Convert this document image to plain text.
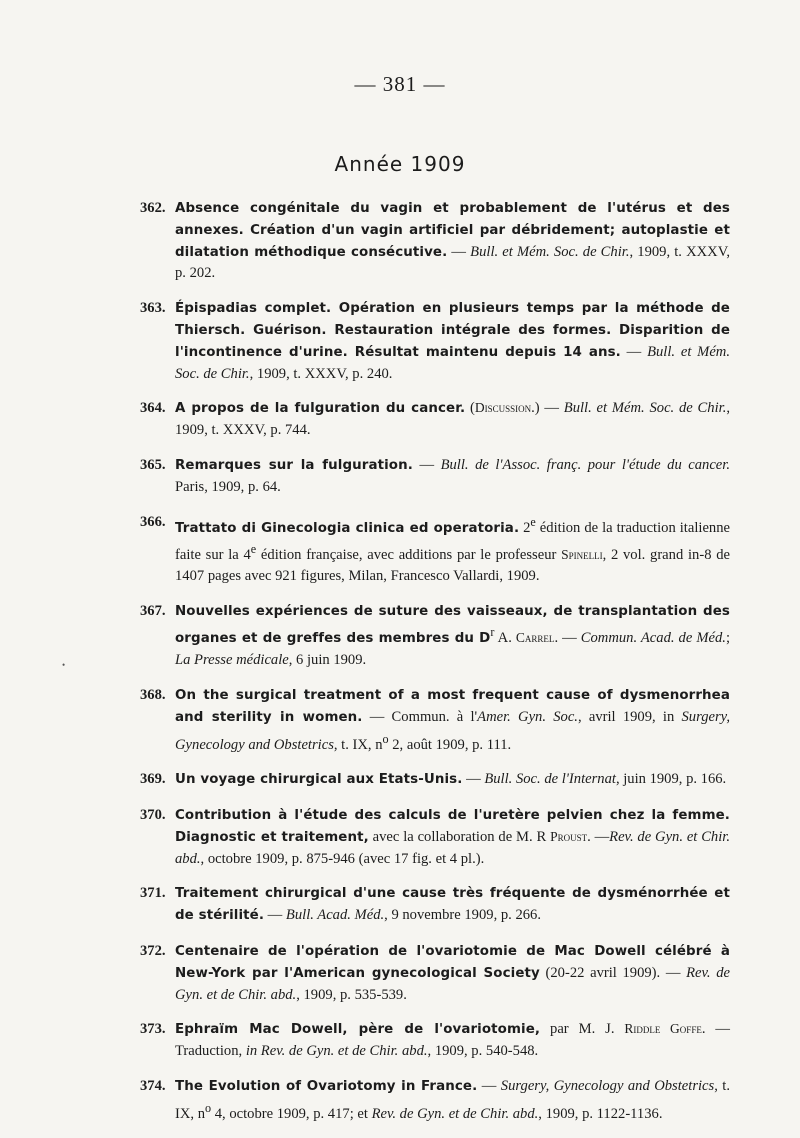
— 381 —
Année 1909
•
362. Absence congénitale du vagin et probablement de l'utérus et des annexes. Création d'un vagin artificiel par débridement; autoplastie et dilatation méthodique consécutive. — Bull. et Mém. Soc. de Chir., 1909, t. XXXV, p. 202.
363. Épispadias complet. Opération en plusieurs temps par la méthode de Thiersch. Guérison. Restauration intégrale des formes. Disparition de l'incontinence d'urine. Résultat maintenu depuis 14 ans. — Bull. et Mém. Soc. de Chir., 1909, t. XXXV, p. 240.
364. A propos de la fulguration du cancer. (Discussion.) — Bull. et Mém. Soc. de Chir., 1909, t. XXXV, p. 744.
365. Remarques sur la fulguration. — Bull. de l'Assoc. franç. pour l'étude du cancer. Paris, 1909, p. 64.
366. Trattato di Ginecologia clinica ed operatoria. 2e édition de la traduction italienne faite sur la 4e édition française, avec additions par le professeur Spinelli, 2 vol. grand in-8 de 1407 pages avec 921 figures, Milan, Francesco Vallardi, 1909.
367. Nouvelles expériences de suture des vaisseaux, de transplantation des organes et de greffes des membres du $D^r$ A. Carrel. — Commun. Acad. de Méd.; La Presse médicale, 6 juin 1909.
368. On the surgical treatment of a most frequent cause of dysmenorrhea and sterility in women. — Commun. à l'Amer. Gyn. Soc., avril 1909, in Surgery, Gynecology and Obstetrics, t. IX, $n^o$ 2, août 1909, p. 111.
369. Un voyage chirurgical aux Etats-Unis. — Bull. Soc. de l'Internat, juin 1909, p. 166.
370. Contribution à l'étude des calculs de l'uretère pelvien chez la femme. Diagnostic et traitement, avec la collaboration de M. R Proust. —Rev. de Gyn. et Chir. abd., octobre 1909, p. 875-946 (avec 17 fig. et 4 pl.).
371. Traitement chirurgical d'une cause très fréquente de dysménorrhée et de stérilité. — Bull. Acad. Méd., 9 novembre 1909, p. 266.
372. Centenaire de l'opération de l'ovariotomie de Mac Dowell célébré à New-York par l'American gynecological Society (20-22 avril 1909). — Rev. de Gyn. et de Chir. abd., 1909, p. 535-539.
373. Ephraïm Mac Dowell, père de l'ovariotomie, par M. J. Riddle Goffe. — Traduction, in Rev. de Gyn. et de Chir. abd., 1909, p. 540-548.
374. The Evolution of Ovariotomy in France. — Surgery, Gynecology and Obstetrics, t. IX, $n^o$ 4, octobre 1909, p. 417; et Rev. de Gyn. et de Chir. abd., 1909, p. 1122-1136.
